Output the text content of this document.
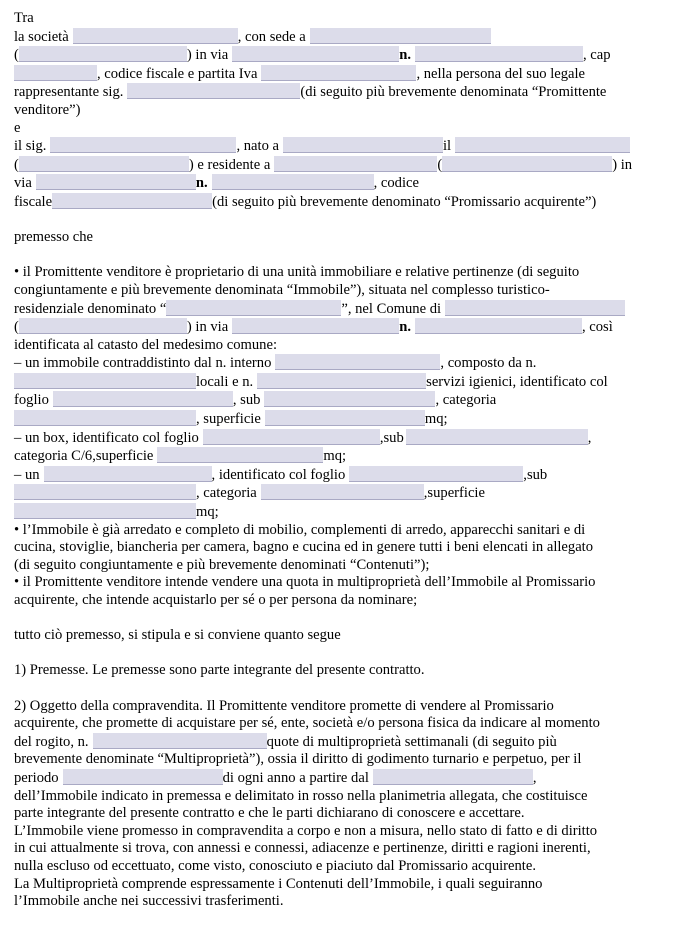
Tra
la società	, con sede a
(	) in via	n.	, cap
, codice fiscale e partita Iva	, nella persona del suo legale
rappresentante sig.	(di seguito più brevemente denominata “Promittente
venditore”)
e
il sig.	, nato a	il
(	) e residente a	(	) in
via	n.	, codice
fiscale	(di seguito più brevemente denominato “Promissario acquirente”)
premesso che
• il Promittente venditore è proprietario di una unità immobiliare e relative pertinenze (di seguito
congiuntamente e più brevemente denominata “Immobile”), situata nel complesso turistico-
residenziale denominato “	”, nel Comune di
(	) in via	n.	, così
identificata al catasto del medesimo comune:
– un immobile contraddistinto dal n. interno	, composto da n.
locali e n.	servizi igienici, identificato col
foglio	, sub	, categoria
, superficie	mq;
– un box, identificato col foglio	,sub	,
categoria C/6,superficie	mq;
– un	, identificato col foglio	,sub
, categoria	,superficie
mq;
• l’Immobile è già arredato e completo di mobilio, complementi di arredo, apparecchi sanitari e di
cucina, stoviglie, biancheria per camera, bagno e cucina ed in genere tutti i beni elencati in allegato
(di seguito congiuntamente e più brevemente denominati “Contenuti”);
• il Promittente venditore intende vendere una quota in multiproprietà dell’Immobile al Promissario
acquirente, che intende acquistarlo per sé o per persona da nominare;
tutto ciò premesso, si stipula e si conviene quanto segue
1) Premesse. Le premesse sono parte integrante del presente contratto.
2) Oggetto della compravendita. Il Promittente venditore promette di vendere al Promissario
acquirente, che promette di acquistare per sé, ente, società e/o persona fisica da indicare al momento
del rogito, n.	quote di multiproprietà settimanali (di seguito più
brevemente denominate “Multiproprietà”), ossia il diritto di godimento turnario e perpetuo, per il
periodo	di ogni anno a partire dal	,
dell’Immobile indicato in premessa e delimitato in rosso nella planimetria allegata, che costituisce
parte integrante del presente contratto e che le parti dichiarano di conoscere e accettare.
L’Immobile viene promesso in compravendita a corpo e non a misura, nello stato di fatto e di diritto
in cui attualmente si trova, con annessi e connessi, adiacenze e pertinenze, diritti e ragioni inerenti,
nulla escluso od eccettuato, come visto, conosciuto e piaciuto dal Promissario acquirente.
La Multiproprietà comprende espressamente i Contenuti dell’Immobile, i quali seguiranno
l’Immobile anche nei successivi trasferimenti.
